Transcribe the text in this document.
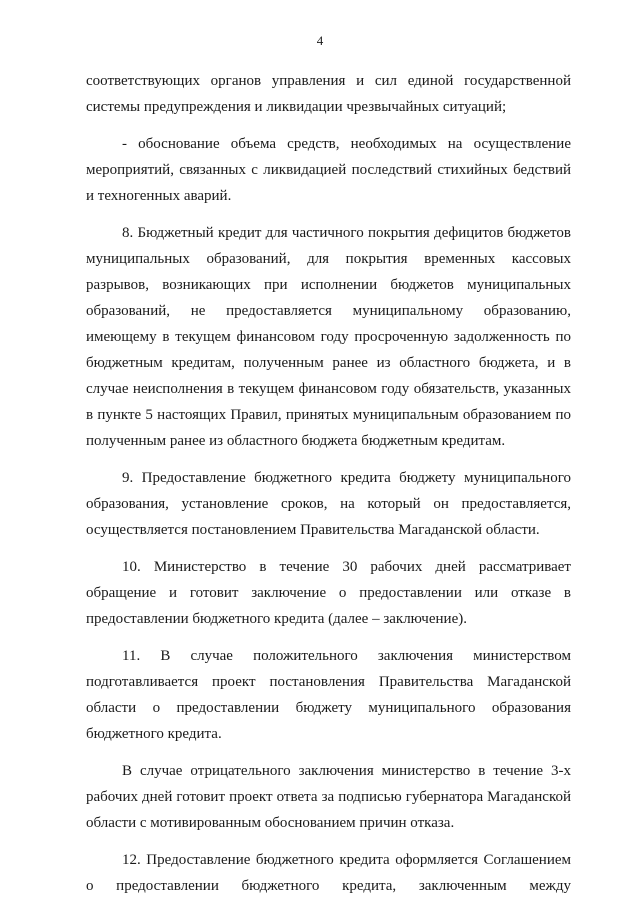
4

соответствующих органов управления и сил единой государственной системы предупреждения и ликвидации чрезвычайных ситуаций;

- обоснование объема средств, необходимых на осуществление мероприятий, связанных с ликвидацией последствий стихийных бедствий и техногенных аварий.

8. Бюджетный кредит для частичного покрытия дефицитов бюджетов муниципальных образований, для покрытия временных кассовых разрывов, возникающих при исполнении бюджетов муниципальных образований, не предоставляется муниципальному образованию, имеющему в текущем финансовом году просроченную задолженность по бюджетным кредитам, полученным ранее из областного бюджета, и в случае неисполнения в текущем финансовом году обязательств, указанных в пункте 5 настоящих Правил, принятых муниципальным образованием по полученным ранее из областного бюджета бюджетным кредитам.

9. Предоставление бюджетного кредита бюджету муниципального образования, установление сроков, на который он предоставляется, осуществляется постановлением Правительства Магаданской области.

10. Министерство в течение 30 рабочих дней рассматривает обращение и готовит заключение о предоставлении или отказе в предоставлении бюджетного кредита (далее – заключение).

11. В случае положительного заключения министерством подготавливается проект постановления Правительства Магаданской области о предоставлении бюджету муниципального образования бюджетного кредита.

В случае отрицательного заключения министерство в течение 3-х рабочих дней готовит проект ответа за подписью губернатора Магаданской области с мотивированным обоснованием причин отказа.

12. Предоставление бюджетного кредита оформляется Соглашением о предоставлении бюджетного кредита, заключенным между
